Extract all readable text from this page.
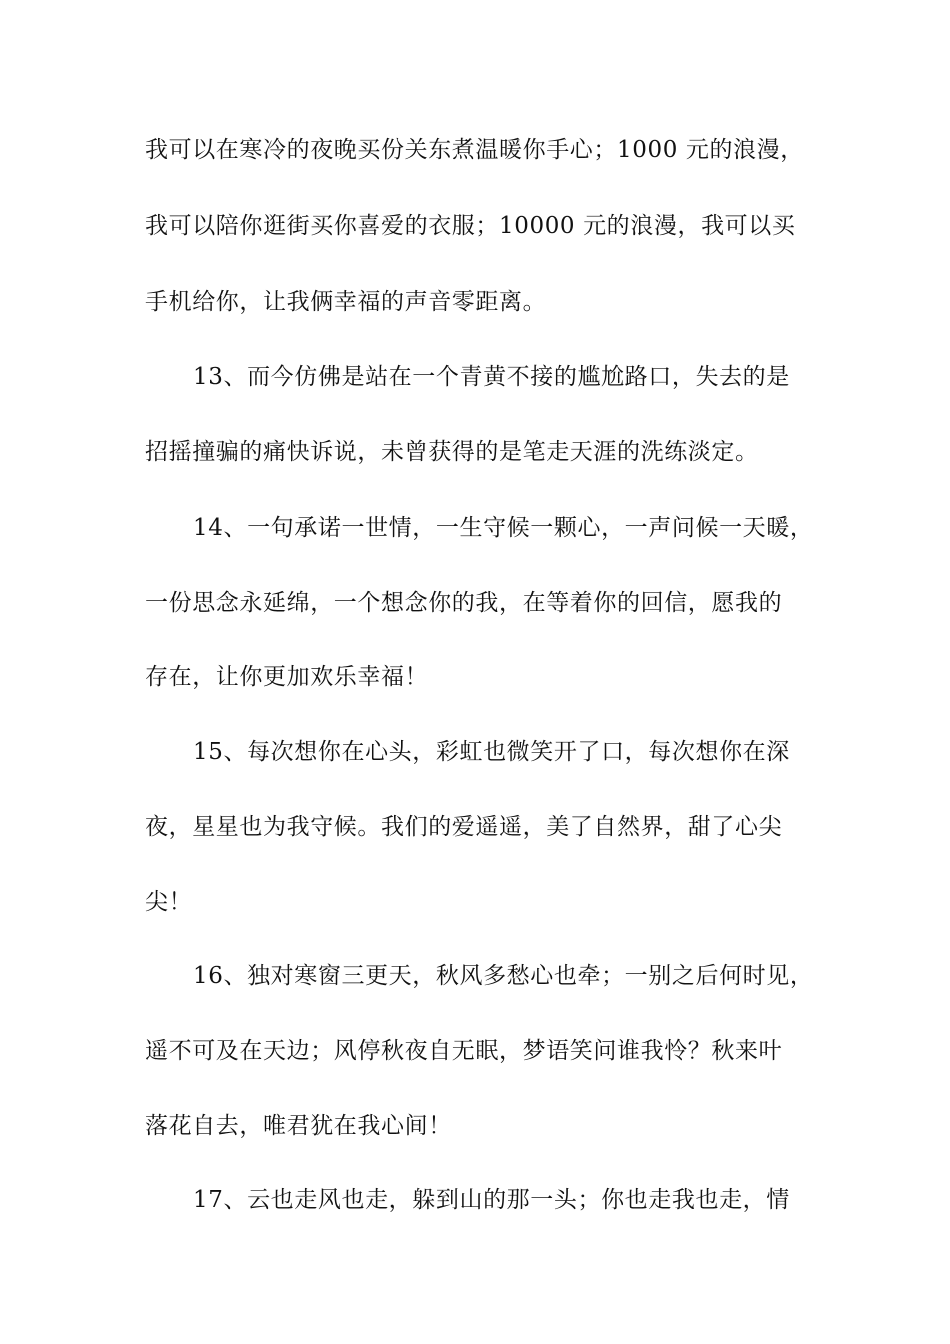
我可以在寒冷的夜晚买份关东煮温暖你手心；1000 元的浪漫，
我可以陪你逛街买你喜爱的衣服；10000 元的浪漫，我可以买
手机给你，让我俩幸福的声音零距离。
13、而今仿佛是站在一个青黄不接的尴尬路口，失去的是
招摇撞骗的痛快诉说，未曾获得的是笔走天涯的洗练淡定。
14、一句承诺一世情，一生守候一颗心，一声问候一天暖，
一份思念永延绵，一个想念你的我，在等着你的回信，愿我的
存在，让你更加欢乐幸福！
15、每次想你在心头，彩虹也微笑开了口，每次想你在深
夜，星星也为我守候。我们的爱遥遥，美了自然界，甜了心尖
尖！
16、独对寒窗三更天，秋风多愁心也牵；一别之后何时见，
遥不可及在天边；风停秋夜自无眠，梦语笑问谁我怜？秋来叶
落花自去，唯君犹在我心间！
17、云也走风也走，躲到山的那一头；你也走我也走，情
